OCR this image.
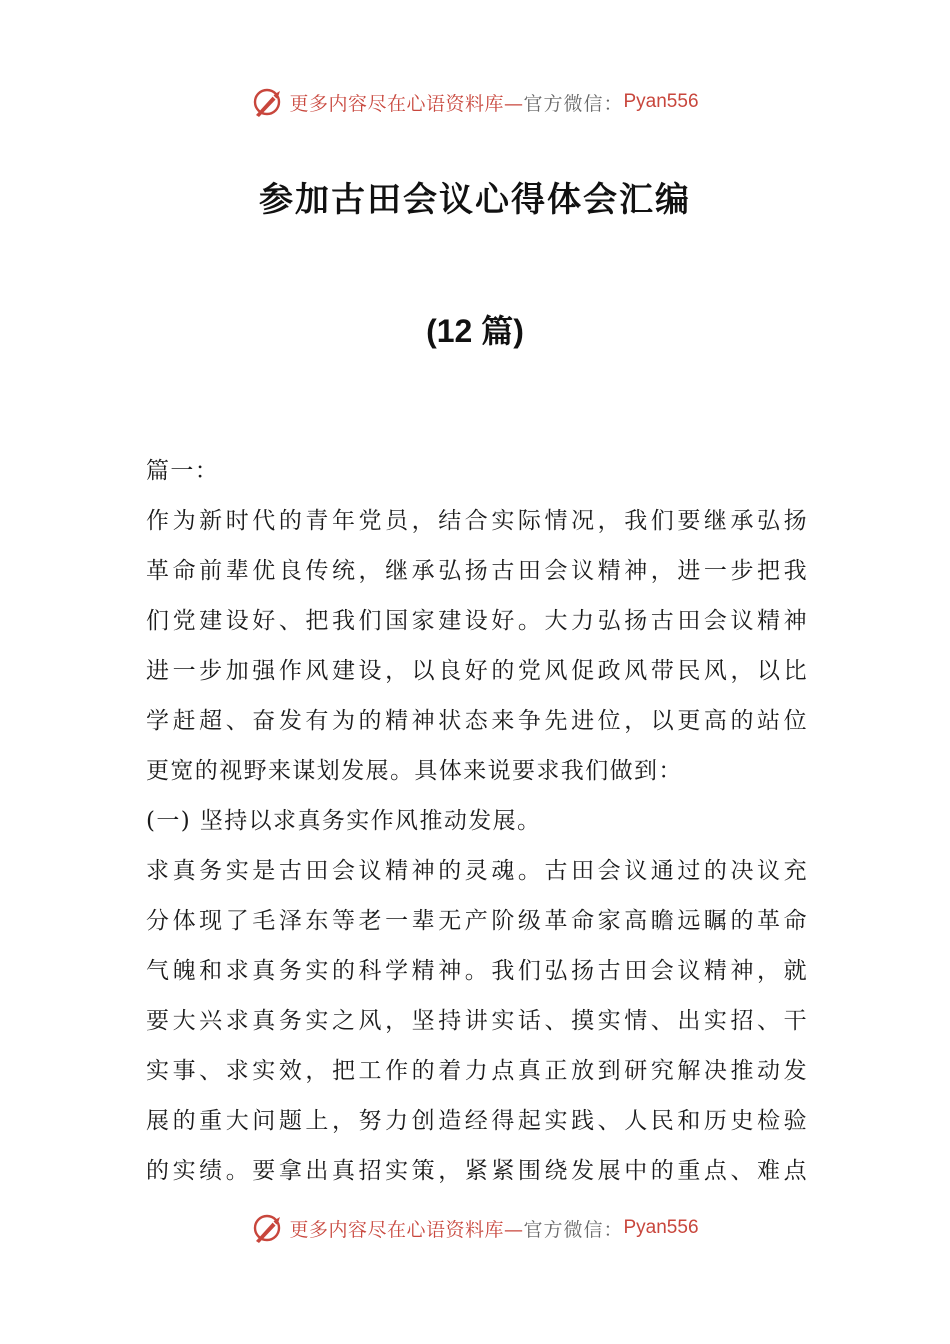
更多内容尽在心语资料库— 官方微信： Pyan556
参加古田会议心得体会汇编
(12 篇)
篇一：
作为新时代的青年党员，结合实际情况，我们要继承弘扬
革命前辈优良传统，继承弘扬古田会议精神，进一步把我
们党建设好、把我们国家建设好。大力弘扬古田会议精神
进一步加强作风建设，以良好的党风促政风带民风，以比
学赶超、奋发有为的精神状态来争先进位，以更高的站位
更宽的视野来谋划发展。具体来说要求我们做到：
(一) 坚持以求真务实作风推动发展。
求真务实是古田会议精神的灵魂。古田会议通过的决议充
分体现了毛泽东等老一辈无产阶级革命家高瞻远瞩的革命
气魄和求真务实的科学精神。我们弘扬古田会议精神，就
要大兴求真务实之风，坚持讲实话、摸实情、出实招、干
实事、求实效，把工作的着力点真正放到研究解决推动发
展的重大问题上，努力创造经得起实践、人民和历史检验
的实绩。要拿出真招实策，紧紧围绕发展中的重点、难点
更多内容尽在心语资料库— 官方微信： Pyan556
